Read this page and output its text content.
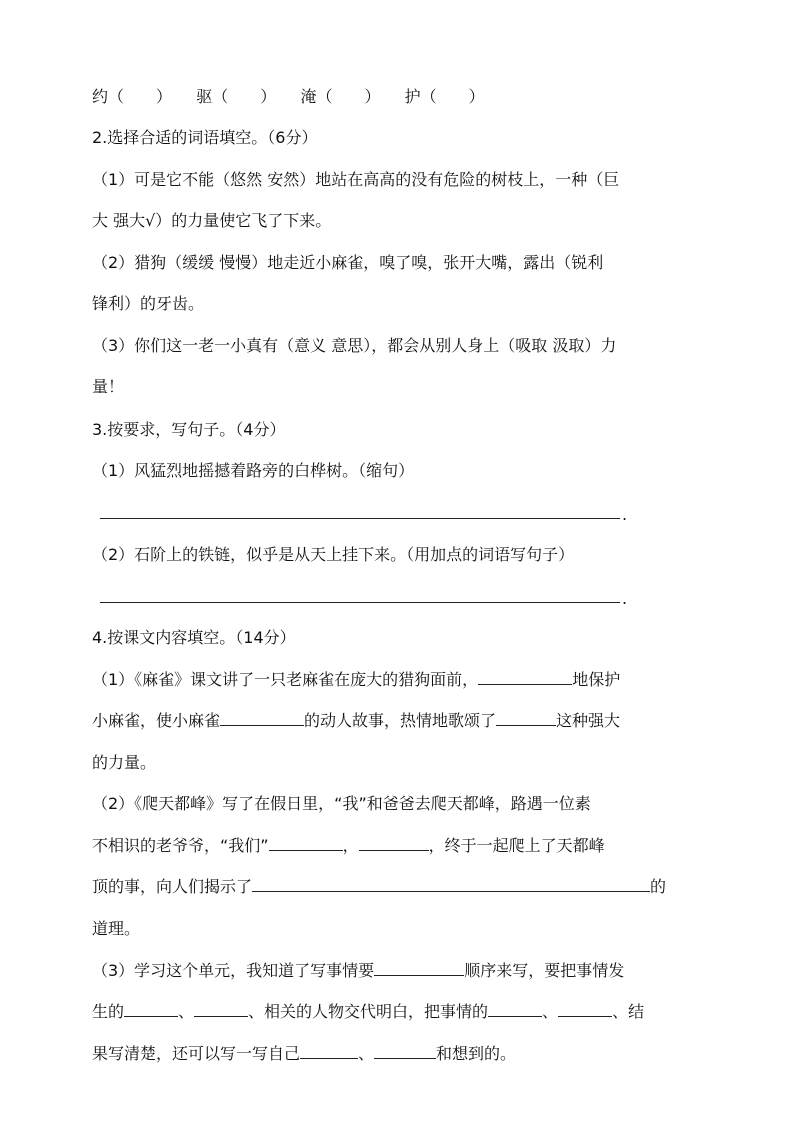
约（　　） 驱（　　） 淹（　　） 护（　　）
2.选择合适的词语填空。（6分）
（1）可是它不能（悠然 安然）地站在高高的没有危险的树枝上，一种（巨
大 强大√）的力量使它飞了下来。
（2）猎狗（缓缓 慢慢）地走近小麻雀，嗅了嗅，张开大嘴，露出（锐利
锋利）的牙齿。
（3）你们这一老一小真有（意义 意思），都会从别人身上（吸取 汲取）力
量！
3.按要求，写句子。（4分）
（1）风猛烈地摇撼着路旁的白桦树。（缩句）
.
（2）石阶上的铁链，似乎是从天上挂下来。（用加点的词语写句子）
.
4.按课文内容填空。（14分）
（1）《麻雀》课文讲了一只老麻雀在庞大的猎狗面前，	地保护
小麻雀，使小麻雀	的动人故事，热情地歌颂了	这种强大
的力量。
（2）《爬天都峰》写了在假日里，“我”和爸爸去爬天都峰，路遇一位素
不相识的老爷爷，“我们”	，	，终于一起爬上了天都峰
顶的事，向人们揭示了	的
道理。
（3）学习这个单元，我知道了写事情要	顺序来写，要把事情发
生的	、	、相关的人物交代明白，把事情的	、	、结
果写清楚，还可以写一写自己	、	和想到的。
